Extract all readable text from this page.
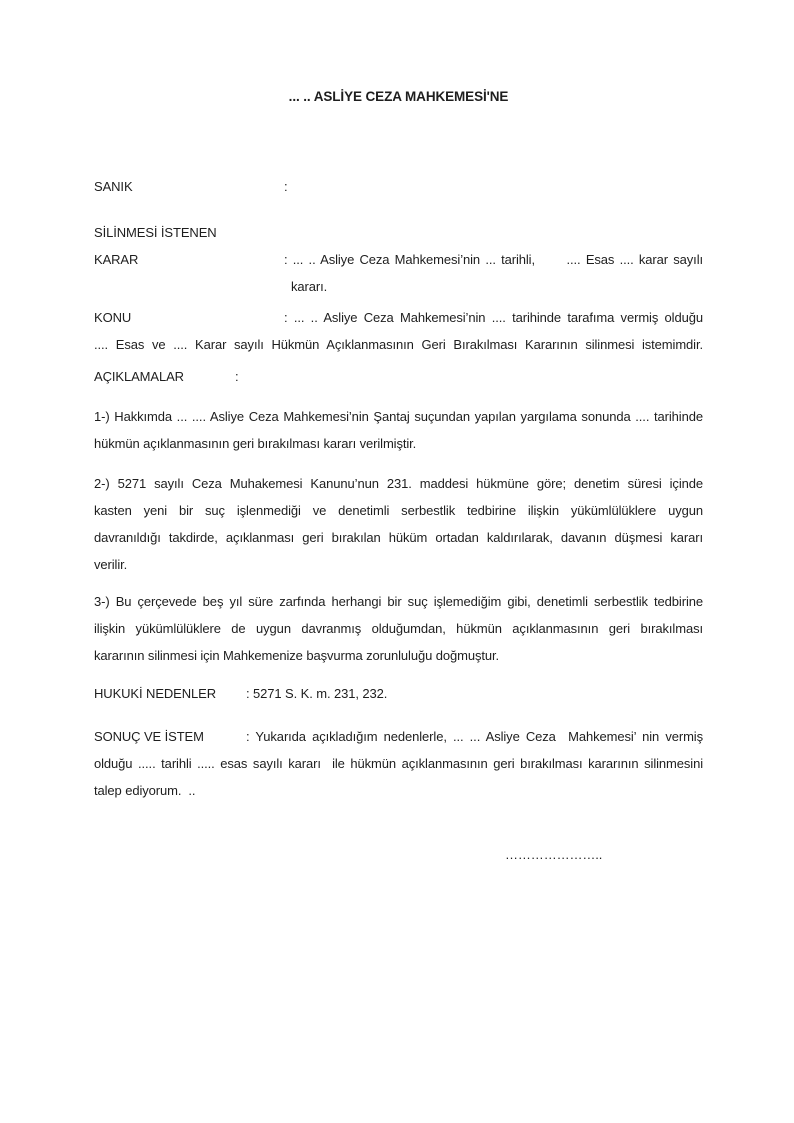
... .. ASLİYE CEZA MAHKEMESİ'NE
SANIK	:
SİLİNMESİ İSTENEN
KARAR	: ... .. Asliye Ceza Mahkemesi’nin ... tarihli,      .... Esas .... karar sayılı
kararı.
KONU	: ... .. Asliye Ceza Mahkemesi’nin .... tarihinde tarafıma vermiş olduğu
.... Esas ve .... Karar sayılı Hükmün Açıklanmasının Geri Bırakılması Kararının silinmesi istemimdir.
AÇIKLAMALAR	:
1-) Hakkımda ... .... Asliye Ceza Mahkemesi’nin Şantaj suçundan yapılan yargılama sonunda .... tarihinde
hükmün açıklanmasının geri bırakılması kararı verilmiştir.
2-) 5271 sayılı Ceza Muhakemesi Kanunu’nun 231. maddesi hükmüne göre; denetim süresi içinde
kasten yeni bir suç işlenmediği ve denetimli serbestlik tedbirine ilişkin yükümlülüklere uygun
davranıldığı takdirde, açıklanması geri bırakılan hüküm ortadan kaldırılarak, davanın düşmesi kararı
verilir.
3-) Bu çerçevede beş yıl süre zarfında herhangi bir suç işlemediğim gibi, denetimli serbestlik tedbirine
ilişkin yükümlülüklere de uygun davranmış olduğumdan, hükmün açıklanmasının geri bırakılması
kararının silinmesi için Mahkemenize başvurma zorunluluğu doğmuştur.
HUKUKİ NEDENLER : 5271 S. K. m. 231, 232.
SONUÇ VE İSTEM	: Yukarıda açıkladığım nedenlerle, ... ... Asliye Ceza  Mahkemesi’ nin vermiş
olduğu ..... tarihli ..... esas sayılı kararı  ile hükmün açıklanmasının geri bırakılması kararının silinmesini
talep ediyorum.  ..
…………………..
